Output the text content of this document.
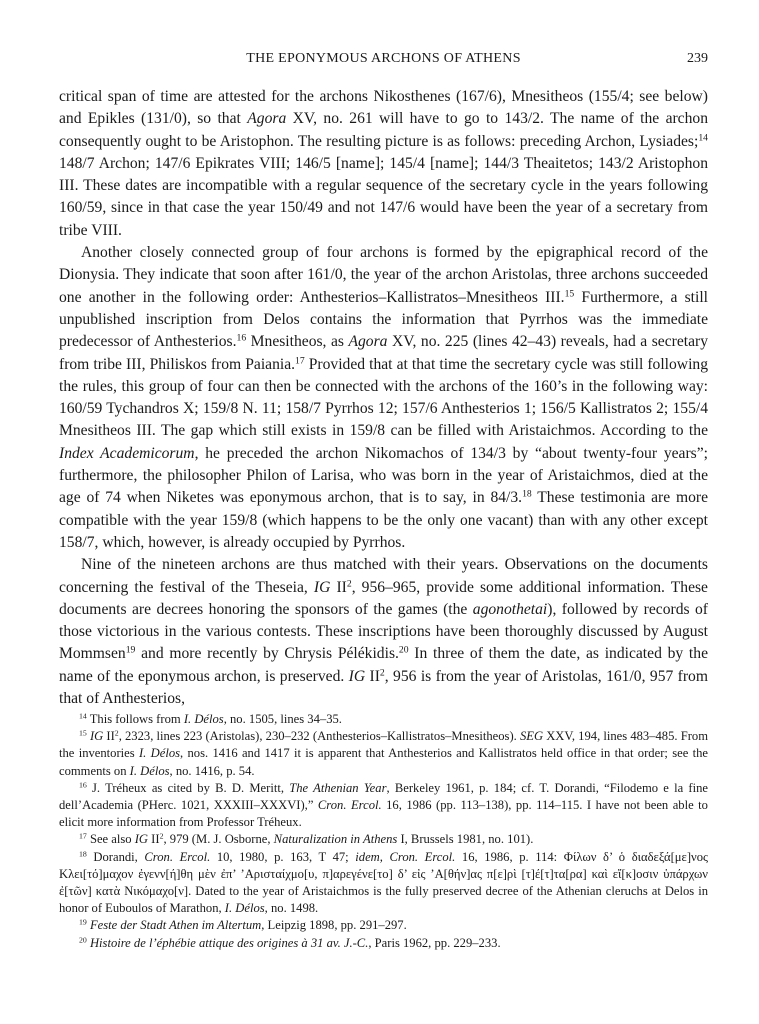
THE EPONYMOUS ARCHONS OF ATHENS	239

critical span of time are attested for the archons Nikosthenes (167/6), Mnesitheos (155/4; see below) and Epikles (131/0), so that Agora XV, no. 261 will have to go to 143/2. The name of the archon consequently ought to be Aristophon. The resulting picture is as follows: preceding Archon, Lysiades;$^{14}$ 148/7 Archon; 147/6 Epikrates VIII; 146/5 [name]; 145/4 [name]; 144/3 Theaitetos; 143/2 Aristophon III. These dates are incompatible with a regular sequence of the secretary cycle in the years following 160/59, since in that case the year 150/49 and not 147/6 would have been the year of a secretary from tribe VIII.

Another closely connected group of four archons is formed by the epigraphical record of the Dionysia. They indicate that soon after 161/0, the year of the archon Aristolas, three archons succeeded one another in the following order: Anthesterios–Kallistratos–Mnesitheos III.$^{15}$ Furthermore, a still unpublished inscription from Delos contains the information that Pyrrhos was the immediate predecessor of Anthesterios.$^{16}$ Mnesitheos, as Agora XV, no. 225 (lines 42–43) reveals, had a secretary from tribe III, Philiskos from Paiania.$^{17}$ Provided that at that time the secretary cycle was still following the rules, this group of four can then be connected with the archons of the 160’s in the following way: 160/59 Tychandros X; 159/8 N. 11; 158/7 Pyrrhos 12; 157/6 Anthesterios 1; 156/5 Kallistratos 2; 155/4 Mnesitheos III. The gap which still exists in 159/8 can be filled with Aristaichmos. According to the Index Academicorum, he preceded the archon Nikomachos of 134/3 by “about twenty-four years”; furthermore, the philosopher Philon of Larisa, who was born in the year of Aristaichmos, died at the age of 74 when Niketes was eponymous archon, that is to say, in 84/3.18 These testimonia are more compatible with the year 159/8 (which happens to be the only one vacant) than with any other except 158/7, which, however, is already occupied by Pyrrhos.

Nine of the nineteen archons are thus matched with their years. Observations on the documents concerning the festival of the Theseia, IG $II^2$, 956–965, provide some additional information. These documents are decrees honoring the sponsors of the games (the agonothetai), followed by records of those victorious in the various contests. These inscriptions have been thoroughly discussed by August Mommsen$^{19}$ and more recently by Chrysis Pélékidis.$^{20}$ In three of them the date, as indicated by the name of the eponymous archon, is preserved. IG $II^2$, 956 is from the year of Aristolas, 161/0, 957 from that of Anthesterios,

$^{14}$ This follows from I. Délos, no. 1505, lines 34–35.

$^{15}$ IG $II^2$, 2323, lines 223 (Aristolas), 230–232 (Anthesterios–Kallistratos–Mnesitheos). SEG XXV, 194, lines 483–485. From the inventories I. Délos, nos. 1416 and 1417 it is apparent that Anthesterios and Kallistratos held office in that order; see the comments on I. Délos, no. 1416, p. 54.

$^{16}$ J. Tréheux as cited by B. D. Meritt, The Athenian Year, Berkeley 1961, p. 184; cf. T. Dorandi, “Filodemo e la fine dell’Academia (PHerc. 1021, XXXIII–XXXVI),” Cron. Ercol. 16, 1986 (pp. 113–138), pp. 114–115. I have not been able to elicit more information from Professor Tréheux.

$^{17}$ See also IG $II^2$, 979 (M. J. Osborne, Naturalization in Athens I, Brussels 1981, no. 101).

$^{18}$ Dorandi, Cron. Ercol. 10, 1980, p. 163, T 47; idem, Cron. Ercol. 16, 1986, p. 114: Φίλων δ’ ὁ διαδεξά[με]νος Κλει[τό]μαχον ἐγενν[ή]θη μὲν ἐπ’ ’Αρισταίχμο[υ, π]αρεγένε[το] δ’ εἰς ’Α[θήν]ας π[ε]ρὶ [τ]έ[τ]τα[ρα] καὶ εἴ[κ]οσιν ὑπάρχων ἐ[τῶν] κατὰ Νικόμαχο[ν]. Dated to the year of Aristaichmos is the fully preserved decree of the Athenian cleruchs at Delos in honor of Euboulos of Marathon, I. Délos, no. 1498.

$^{19}$ Feste der Stadt Athen im Altertum, Leipzig 1898, pp. 291–297.

$^{20}$ Histoire de l’éphébie attique des origines à 31 av. J.-C., Paris 1962, pp. 229–233.
